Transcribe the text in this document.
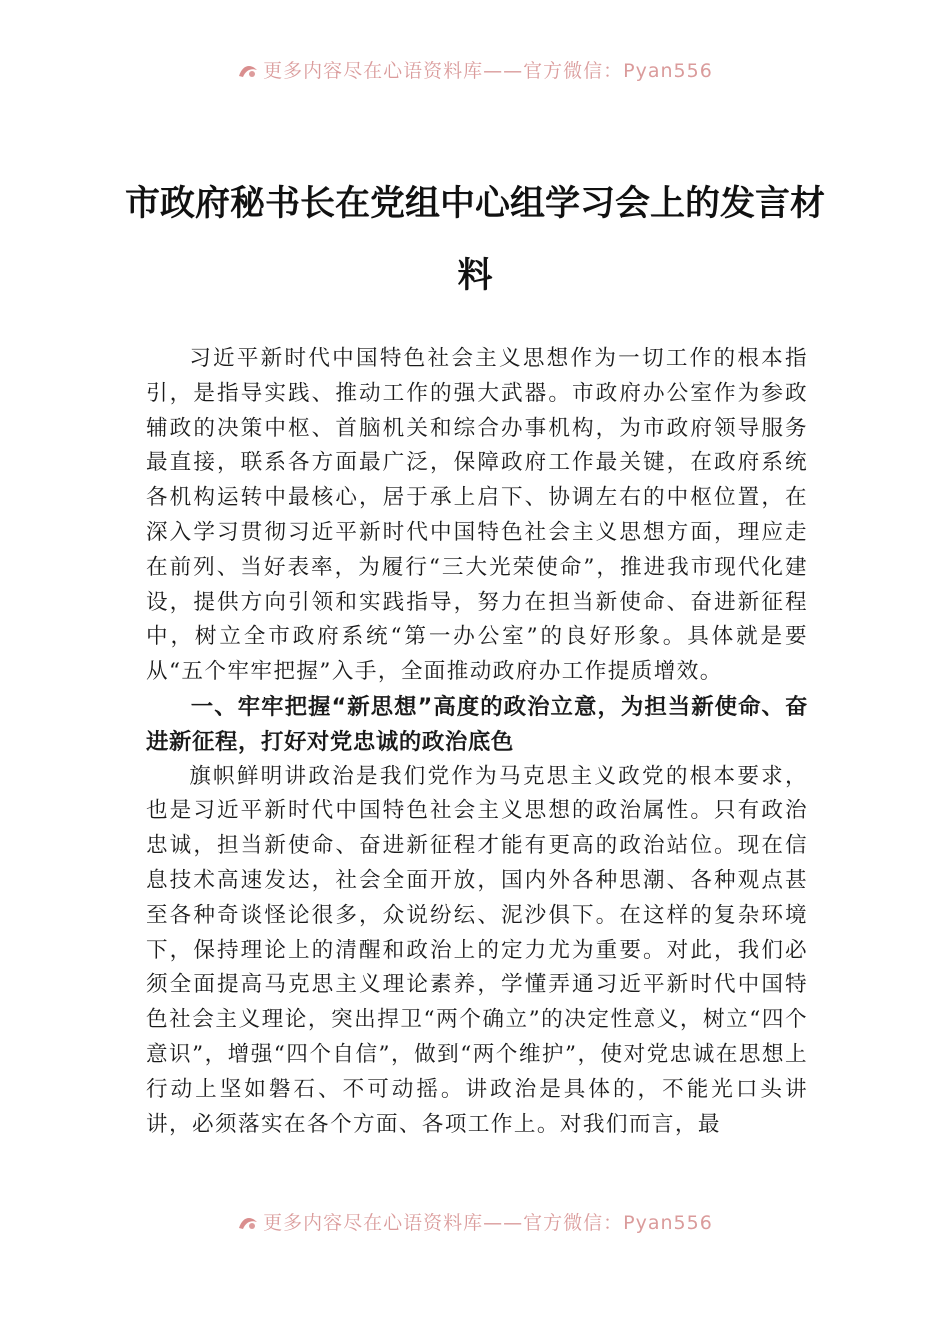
更多内容尽在心语资料库——官方微信：Pyan556
市政府秘书长在党组中心组学习会上的发言材料

习近平新时代中国特色社会主义思想作为一切工作的根本指引，是指导实践、推动工作的强大武器。市政府办公室作为参政辅政的决策中枢、首脑机关和综合办事机构，为市政府领导服务最直接，联系各方面最广泛，保障政府工作最关键，在政府系统各机构运转中最核心，居于承上启下、协调左右的中枢位置，在深入学习贯彻习近平新时代中国特色社会主义思想方面，理应走在前列、当好表率，为履行“三大光荣使命”，推进我市现代化建设，提供方向引领和实践指导，努力在担当新使命、奋进新征程中，树立全市政府系统“第一办公室”的良好形象。具体就是要从“五个牢牢把握”入手，全面推动政府办工作提质增效。

一、牢牢把握“新思想”高度的政治立意，为担当新使命、奋进新征程，打好对党忠诚的政治底色

旗帜鲜明讲政治是我们党作为马克思主义政党的根本要求，也是习近平新时代中国特色社会主义思想的政治属性。只有政治忠诚，担当新使命、奋进新征程才能有更高的政治站位。现在信息技术高速发达，社会全面开放，国内外各种思潮、各种观点甚至各种奇谈怪论很多，众说纷纭、泥沙俱下。在这样的复杂环境下，保持理论上的清醒和政治上的定力尤为重要。对此，我们必须全面提高马克思主义理论素养，学懂弄通习近平新时代中国特色社会主义理论，突出捍卫“两个确立”的决定性意义，树立“四个意识”，增强“四个自信”，做到“两个维护”，使对党忠诚在思想上行动上坚如磐石、不可动摇。讲政治是具体的，不能光口头讲讲，必须落实在各个方面、各项工作上。对我们而言，最

更多内容尽在心语资料库——官方微信：Pyan556
